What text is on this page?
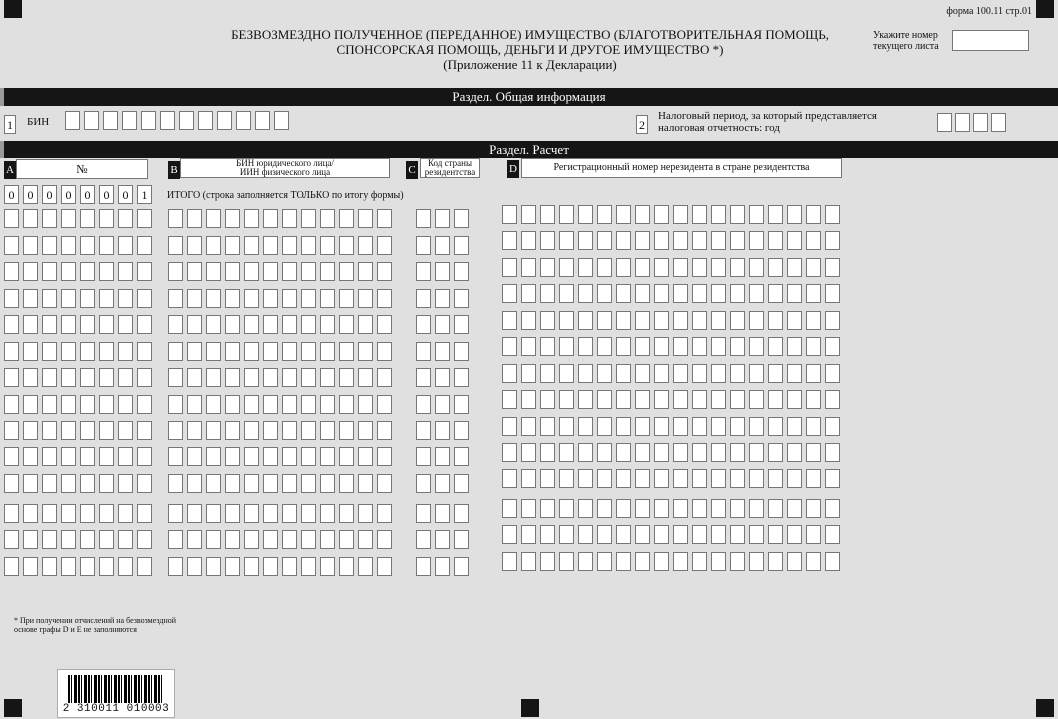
форма 100.11 стр.01
БЕЗВОЗМЕЗДНО ПОЛУЧЕННОЕ (ПЕРЕДАННОЕ) ИМУЩЕСТВО (БЛАГОТВОРИТЕЛЬНАЯ ПОМОЩЬ,
СПОНСОРСКАЯ ПОМОЩЬ, ДЕНЬГИ И ДРУГОЕ ИМУЩЕСТВО *)
(Приложение 11 к Декларации)
Укажите номер
текущего листа
Раздел. Общая информация
1 БИН	2
Налоговый период, за который представляется
налоговая отчетность: год
Раздел. Расчет
A	№	B
БИН юридического лица/
ИИН физического лица	C
Код страны
резидентства	D	Регистрационный номер нерезидента в стране резидентства
0	0	0	0	0	0	0	1	ИТОГО (строка заполняется ТОЛЬКО по итогу формы)
* При получении отчислений на безвозмездной
основе графы D и E не заполняются
2 310011 010003
